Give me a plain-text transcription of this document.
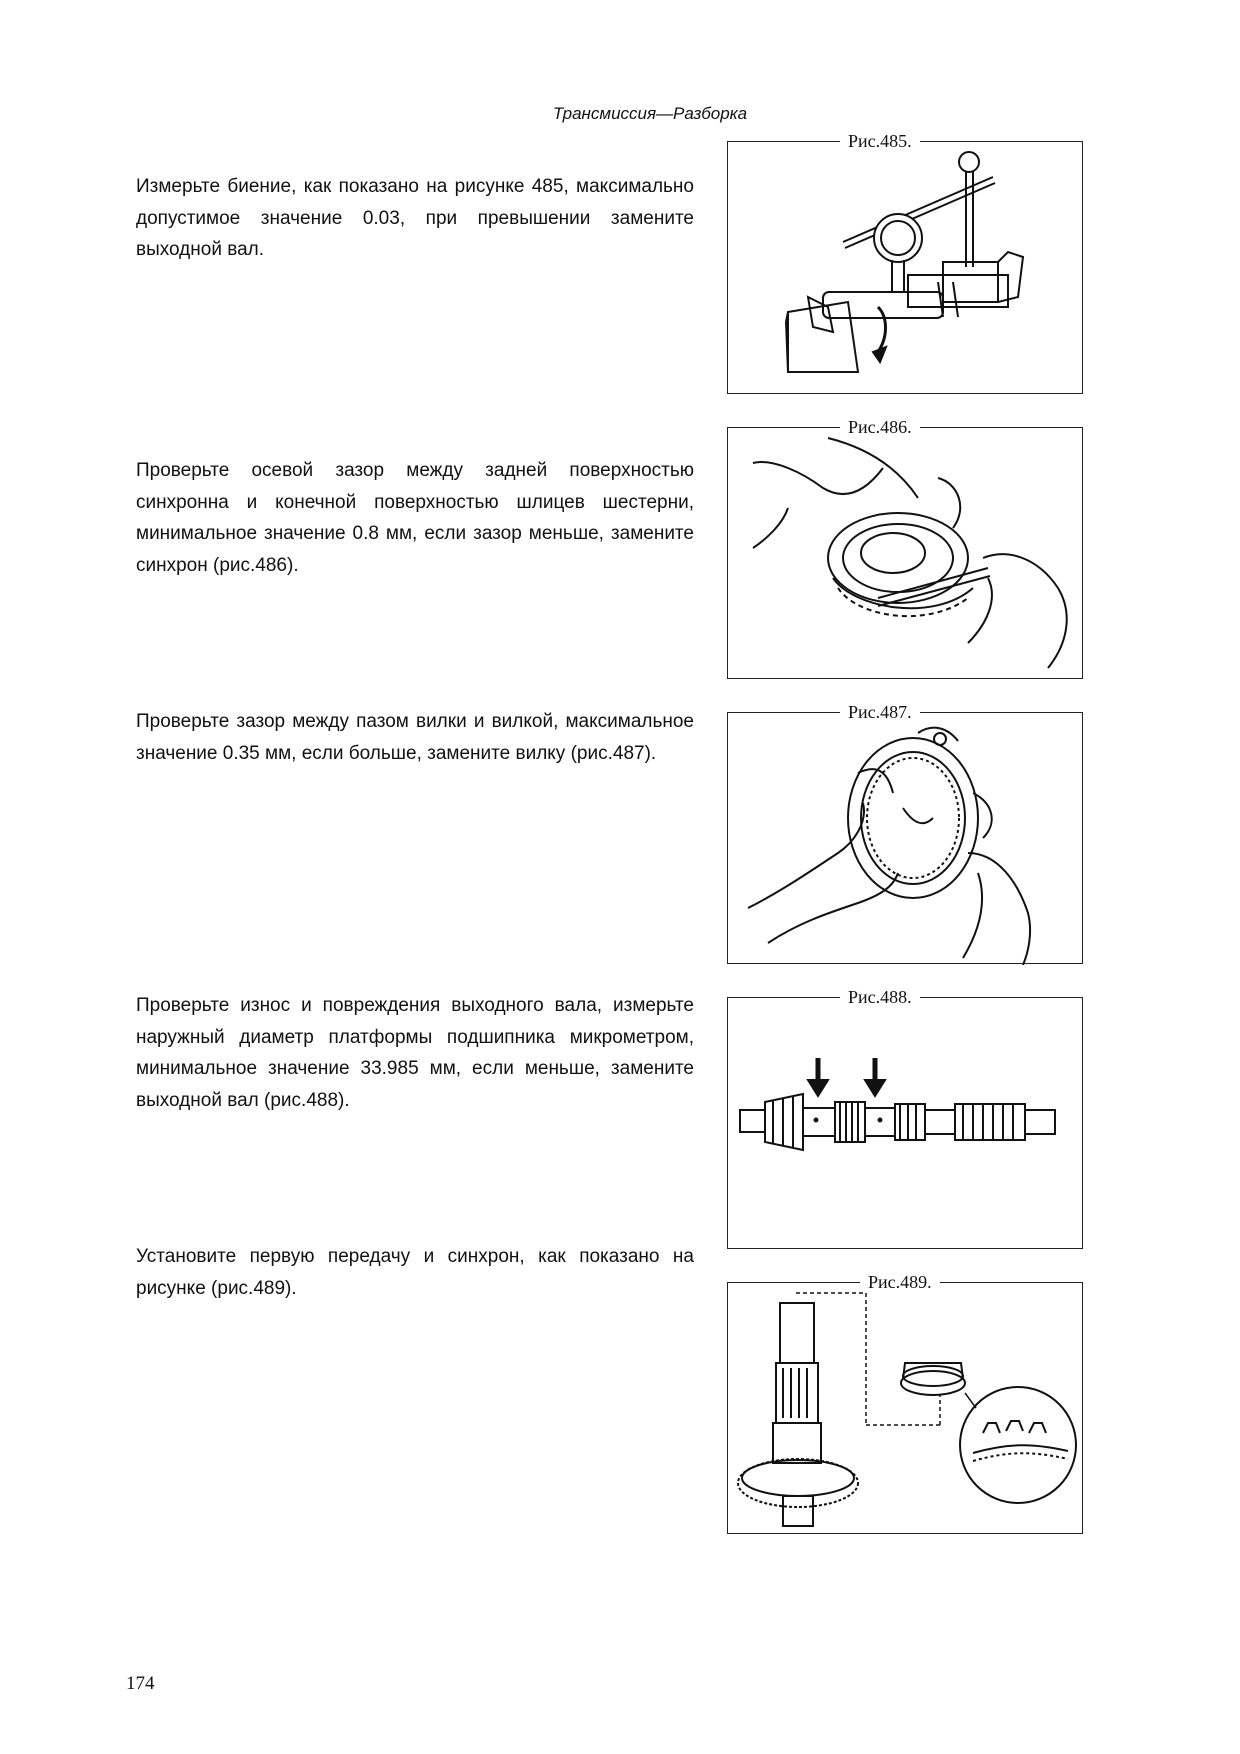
Трансмиссия—Разборка

Измерьте биение, как показано на рисунке 485, максимально допустимое значение 0.03, при превышении замените выходной вал.

Проверьте осевой зазор между задней поверхностью синхронна и конечной поверхностью шлицев шестерни, минимальное значение 0.8 мм, если зазор меньше, замените синхрон (рис.486).

Проверьте зазор между пазом вилки и вилкой, максимальное значение 0.35 мм, если больше, замените вилку (рис.487).

Проверьте износ и повреждения выходного вала, измерьте наружный диаметр платформы подшипника микрометром, минимальное значение 33.985 мм, если меньше, замените выходной вал (рис.488).

Установите первую передачу и синхрон, как показано на рисунке (рис.489).

Рис.485.
Рис.486.
Рис.487.
Рис.488.
Рис.489.
174
